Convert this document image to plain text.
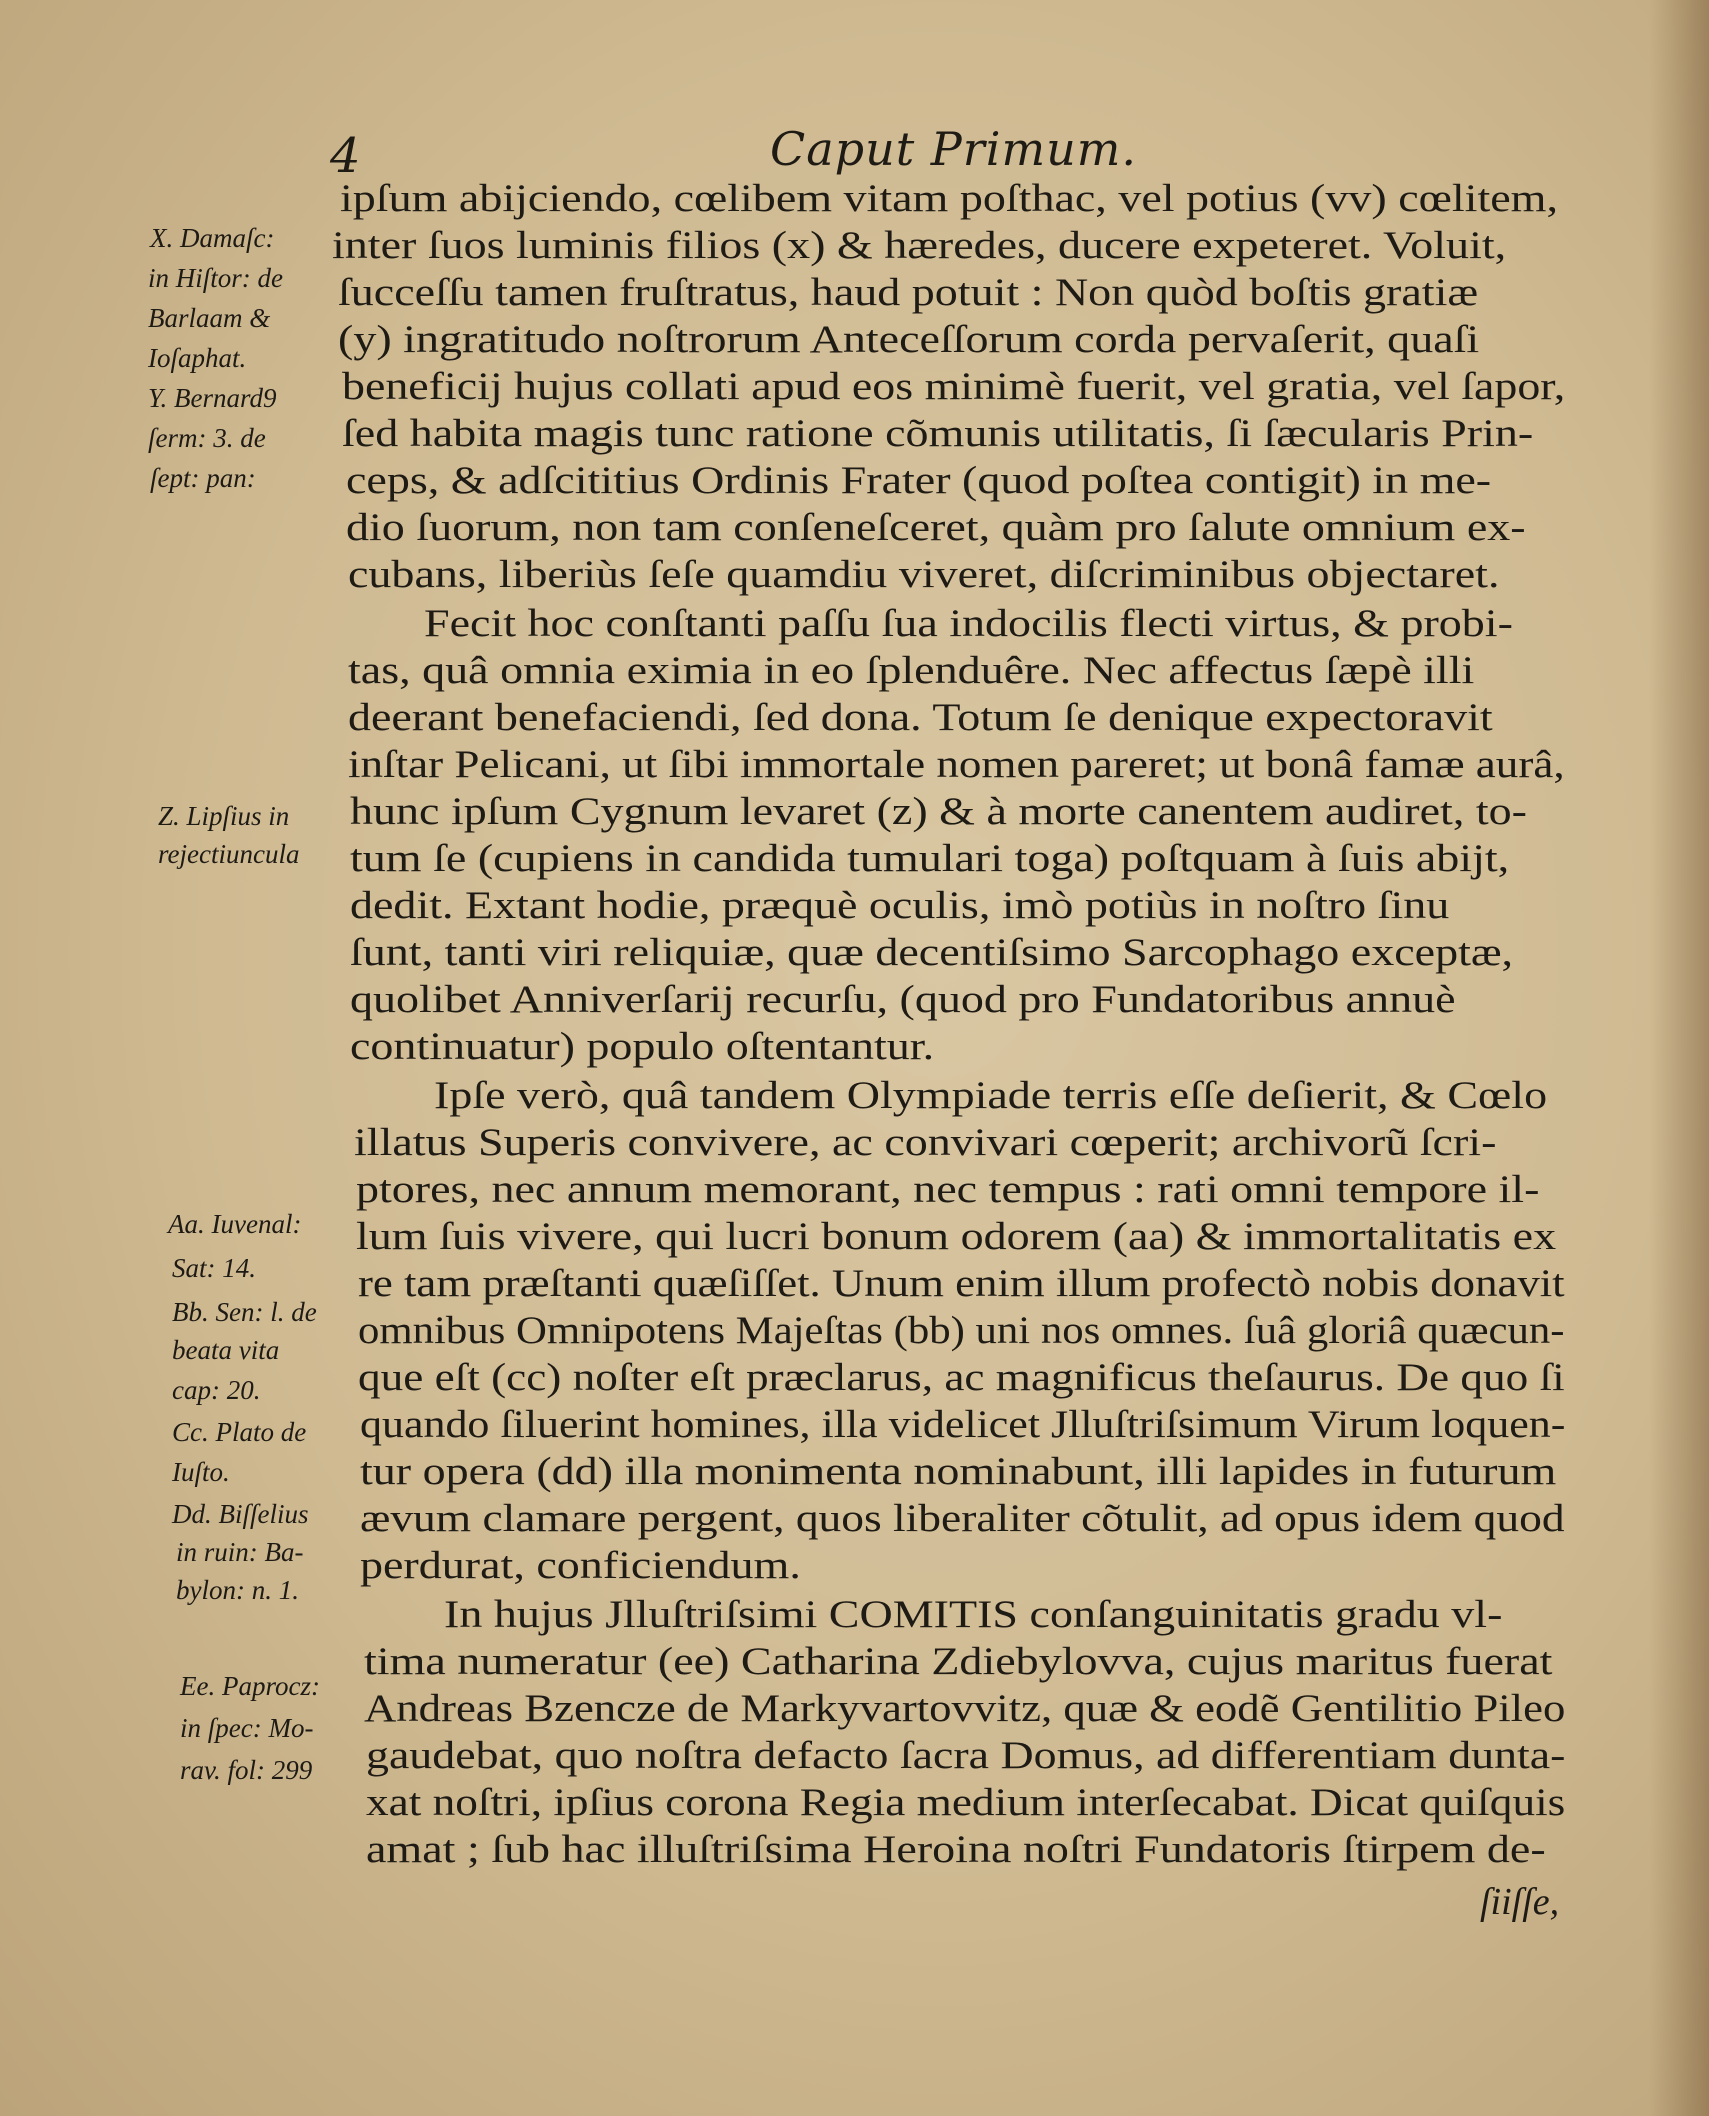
4	Caput Primum.

ipſum abijciendo, cœlibem vitam poſthac, vel potius (vv) cœlitem,

inter ſuos luminis filios (x) & hæredes, ducere expeteret. Voluit,

ſucceſſu tamen fruſtratus, haud potuit : Non quòd boſtis gratiæ

(y) ingratitudo noſtrorum Anteceſſorum corda pervaſerit, quaſi

beneficij hujus collati apud eos minimè fuerit, vel gratia, vel ſapor,

ſed habita magis tunc ratione cõmunis utilitatis, ſi ſæcularis Prin-

ceps, & adſcititius Ordinis Frater (quod poſtea contigit) in me-

dio ſuorum, non tam conſeneſceret, quàm pro ſalute omnium ex-

cubans, liberiùs ſeſe quamdiu viveret, diſcriminibus objectaret.

Fecit hoc conſtanti paſſu ſua indocilis flecti virtus, & probi-

tas, quâ omnia eximia in eo ſplenduêre. Nec affectus ſæpè illi

deerant benefaciendi, ſed dona. Totum ſe denique expectoravit

inſtar Pelicani, ut ſibi immortale nomen pareret; ut bonâ famæ aurâ,

hunc ipſum Cygnum levaret (z) & à morte canentem audiret, to-

tum ſe (cupiens in candida tumulari toga) poſtquam à ſuis abijt,

dedit. Extant hodie, præquè oculis, imò potiùs in noſtro ſinu

ſunt, tanti viri reliquiæ, quæ decentiſsimo Sarcophago exceptæ,

quolibet Anniverſarij recurſu, (quod pro Fundatoribus annuè

continuatur) populo oſtentantur.

Ipſe verò, quâ tandem Olympiade terris eſſe deſierit, & Cœlo

illatus Superis convivere, ac convivari cœperit; archivorũ ſcri-

ptores, nec annum memorant, nec tempus : rati omni tempore il-

lum ſuis vivere, qui lucri bonum odorem (aa) & immortalitatis ex

re tam præſtanti quæſiſſet. Unum enim illum profectò nobis donavit

omnibus Omnipotens Majeſtas (bb) uni nos omnes. ſuâ gloriâ quæcun-

que eſt (cc) noſter eſt præclarus, ac magnificus theſaurus. De quo ſi

quando ſiluerint homines, illa videlicet Jlluſtriſsimum Virum loquen-

tur opera (dd) illa monimenta nominabunt, illi lapides in futurum

ævum clamare pergent, quos liberaliter cõtulit, ad opus idem quod

perdurat, conficiendum.

In hujus Jlluſtriſsimi COMITIS conſanguinitatis gradu vl-

tima numeratur (ee) Catharina Zdiebylovva, cujus maritus fuerat

Andreas Bzencze de Markyvartovvitz, quæ & eodẽ Gentilitio Pileo

gaudebat, quo noſtra defacto ſacra Domus, ad differentiam dunta-

xat noſtri, ipſius corona Regia medium interſecabat. Dicat quiſquis

amat ; ſub hac illuſtriſsima Heroina noſtri Fundatoris ſtirpem de-

ſiiſſe,

X. Damaſc:

in Hiſtor: de

Barlaam &

Ioſaphat.

Y. Bernard9

ſerm: 3. de

ſept: pan:

Z. Lipſius in

rejectiuncula

Aa. Iuvenal:

Sat: 14.

Bb. Sen: l. de

beata vita

cap: 20.

Cc. Plato de

Iuſto.

Dd. Biſſelius

in ruin: Ba-

bylon: n. 1.

Ee. Paprocz:

in ſpec: Mo-

rav. fol: 299
